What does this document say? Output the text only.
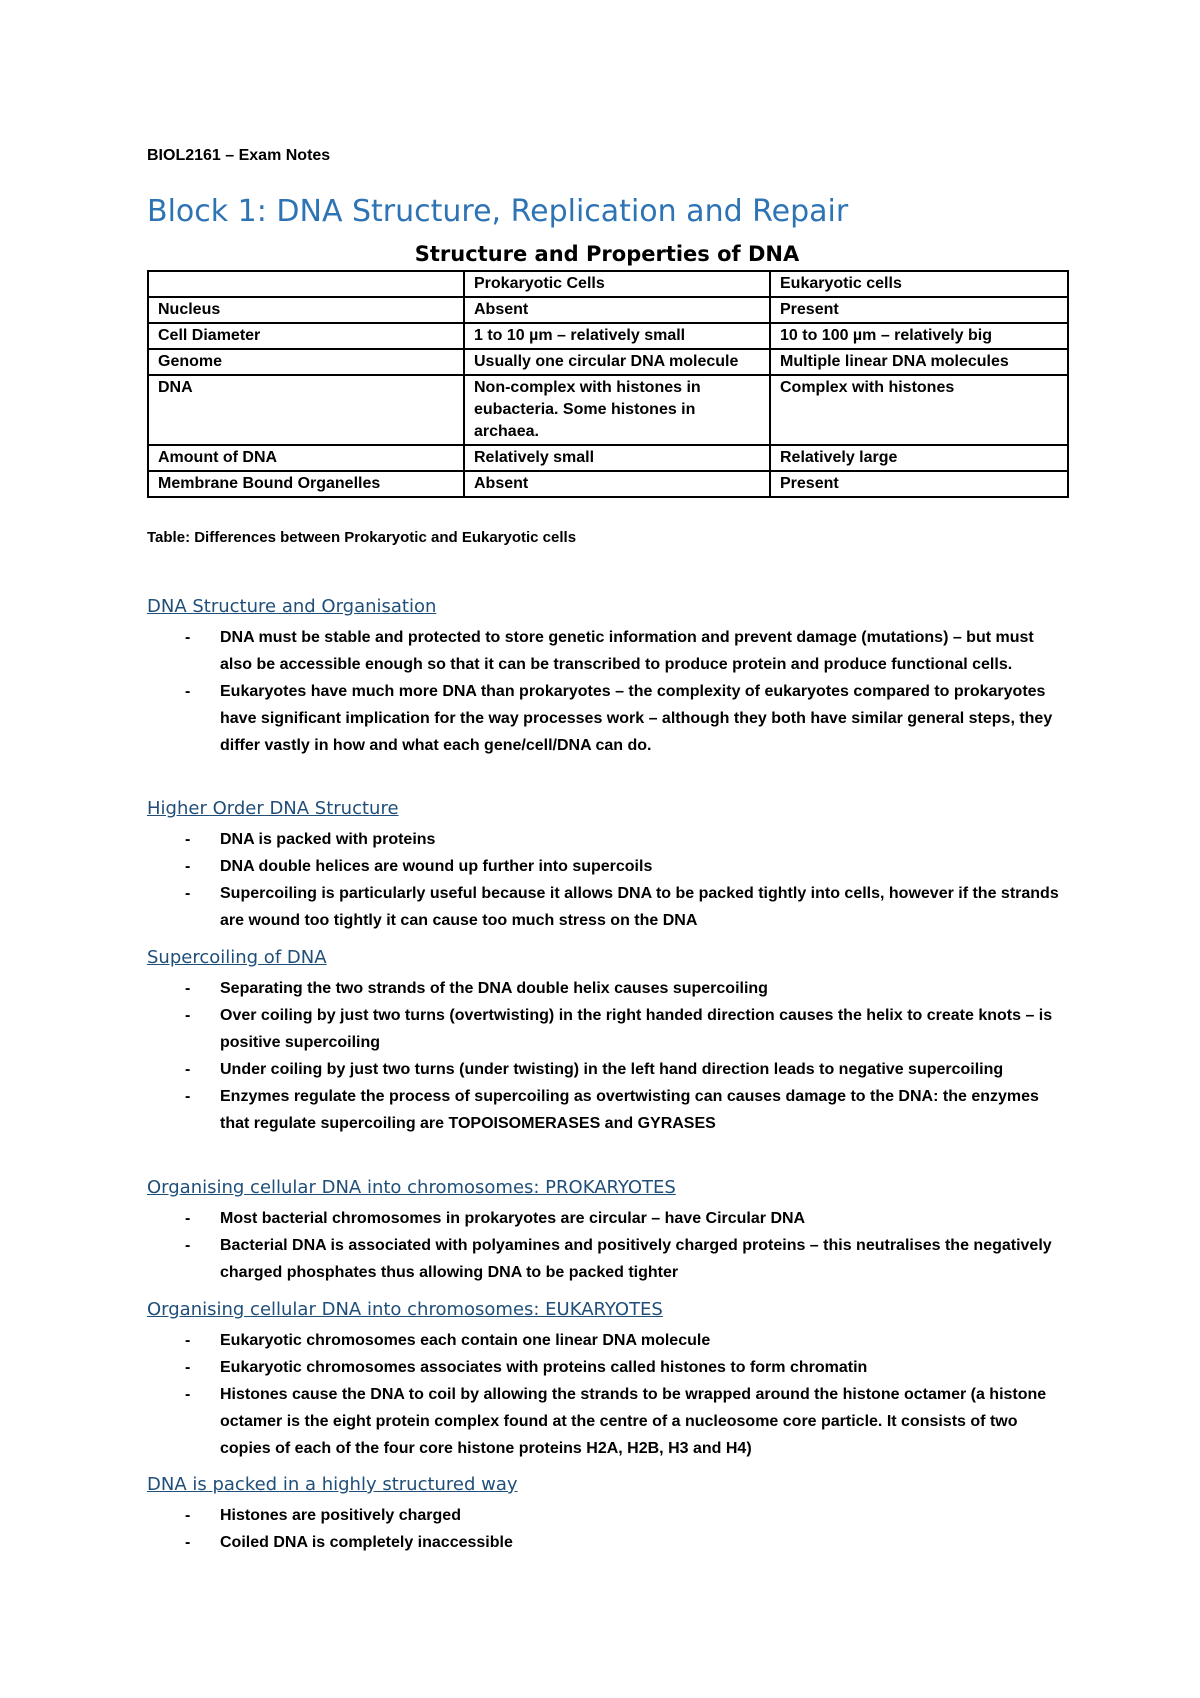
BIOL2161 – Exam Notes
Block 1: DNA Structure, Replication and Repair
Structure and Properties of DNA
	Prokaryotic Cells	Eukaryotic cells
Nucleus	Absent	Present
Cell Diameter	1 to 10 µm – relatively small	10 to 100 µm – relatively big
Genome	Usually one circular DNA molecule	Multiple linear DNA molecules
DNA	Non-complex with histones in eubacteria. Some histones in archaea.	Complex with histones
Amount of DNA	Relatively small	Relatively large
Membrane Bound Organelles	Absent	Present
Table: Differences between Prokaryotic and Eukaryotic cells
DNA Structure and Organisation
- DNA must be stable and protected to store genetic information and prevent damage (mutations) – but must also be accessible enough so that it can be transcribed to produce protein and produce functional cells.
- Eukaryotes have much more DNA than prokaryotes – the complexity of eukaryotes compared to prokaryotes have significant implication for the way processes work – although they both have similar general steps, they differ vastly in how and what each gene/cell/DNA can do.
Higher Order DNA Structure
- DNA is packed with proteins
- DNA double helices are wound up further into supercoils
- Supercoiling is particularly useful because it allows DNA to be packed tightly into cells, however if the strands are wound too tightly it can cause too much stress on the DNA
Supercoiling of DNA
- Separating the two strands of the DNA double helix causes supercoiling
- Over coiling by just two turns (overtwisting) in the right handed direction causes the helix to create knots – is positive supercoiling
- Under coiling by just two turns (under twisting) in the left hand direction leads to negative supercoiling
- Enzymes regulate the process of supercoiling as overtwisting can causes damage to the DNA: the enzymes that regulate supercoiling are TOPOISOMERASES and GYRASES
Organising cellular DNA into chromosomes: PROKARYOTES
- Most bacterial chromosomes in prokaryotes are circular – have Circular DNA
- Bacterial DNA is associated with polyamines and positively charged proteins – this neutralises the negatively charged phosphates thus allowing DNA to be packed tighter
Organising cellular DNA into chromosomes: EUKARYOTES
- Eukaryotic chromosomes each contain one linear DNA molecule
- Eukaryotic chromosomes associates with proteins called histones to form chromatin
- Histones cause the DNA to coil by allowing the strands to be wrapped around the histone octamer (a histone octamer is the eight protein complex found at the centre of a nucleosome core particle. It consists of two copies of each of the four core histone proteins H2A, H2B, H3 and H4)
DNA is packed in a highly structured way
- Histones are positively charged
- Coiled DNA is completely inaccessible
